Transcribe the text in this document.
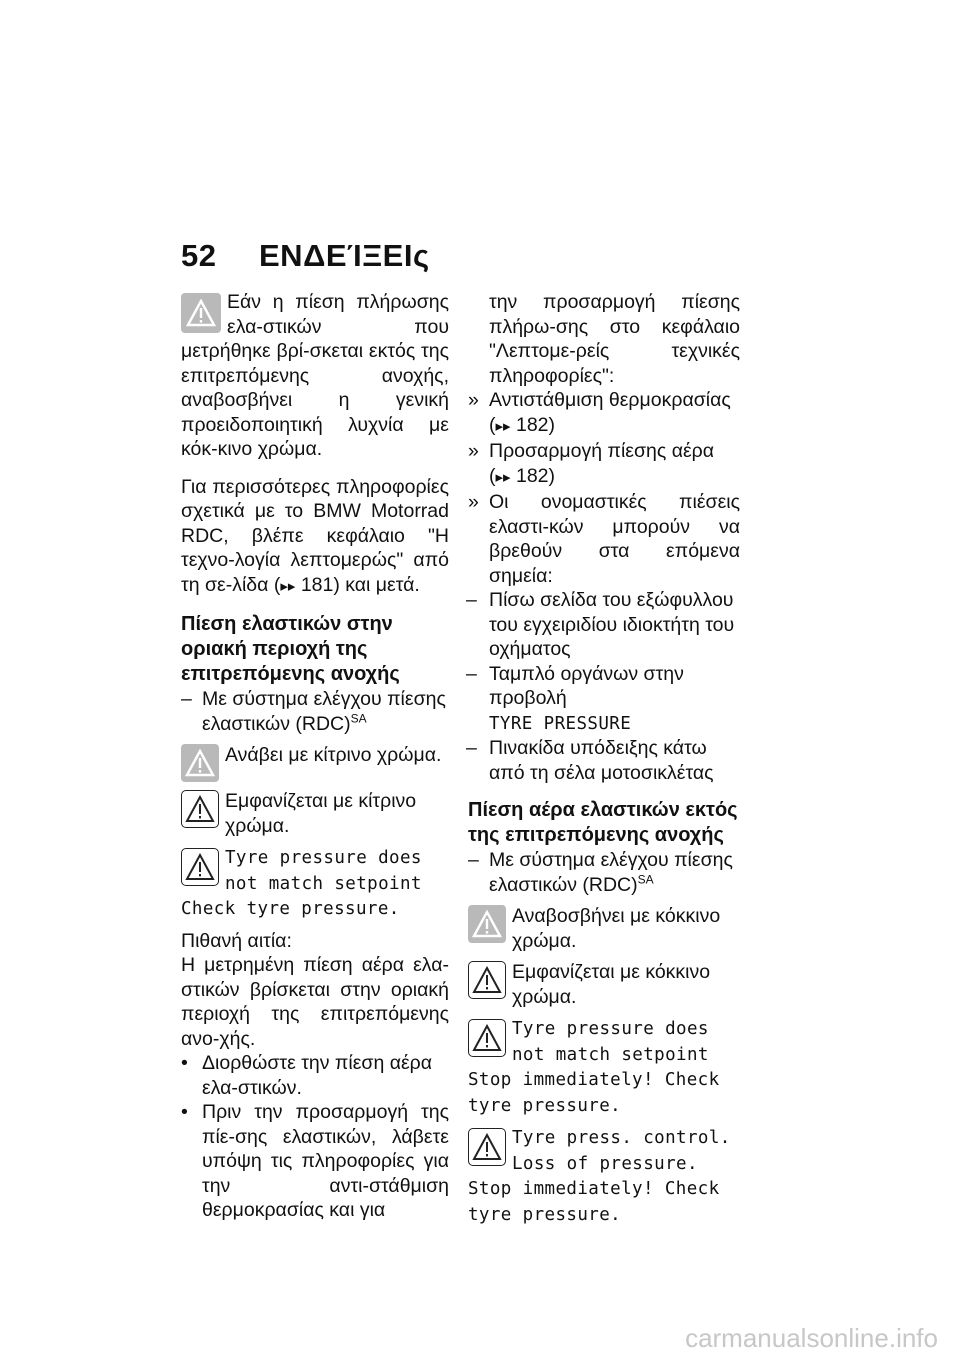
52 ΕΝΔΕΊΞΕΙς
Εάν η πίεση πλήρωσης ελα-στικών που μετρήθηκε βρί-σκεται εκτός της επιτρεπόμενης ανοχής, αναβοσβήνει η γενική προειδοποιητική λυχνία με κόκ-κινο χρώμα.

Για περισσότερες πληροφορίες σχετικά με το BMW Motorrad RDC, βλέπε κεφάλαιο "Η τεχνο-λογία λεπτομερώς" από τη σε-λίδα (▸▸ 181) και μετά.

Πίεση ελαστικών στην οριακή περιοχή της επιτρεπόμενης ανοχής

– Με σύστημα ελέγχου πίεσης ελαστικών (RDC)$^{SA}$
Ανάβει με κίτρινο χρώμα.
Εμφανίζεται με κίτρινο χρώμα.
Tyre pressure does not match setpoint
Check tyre pressure.

Πιθανή αιτία:

Η μετρημένη πίεση αέρα ελα-στικών βρίσκεται στην οριακή περιοχή της επιτρεπόμενης ανο-χής.

• Διορθώστε την πίεση αέρα ελα-στικών.
• Πριν την προσαρμογή της πίε-σης ελαστικών, λάβετε υπόψη τις πληροφορίες για την αντι-στάθμιση θερμοκρασίας και για

την προσαρμογή πίεσης πλήρω-σης στο κεφάλαιο "Λεπτομε-ρείς τεχνικές πληροφορίες":

» Αντιστάθμιση θερμοκρασίας
(▸▸ 182)
» Προσαρμογή πίεσης αέρα
(▸▸ 182)
» Οι ονομαστικές πιέσεις ελαστι-κών μπορούν να βρεθούν στα επόμενα σημεία:
– Πίσω σελίδα του εξώφυλλου του εγχειριδίου ιδιοκτήτη του οχήματος
– Ταμπλό οργάνων στην προβολή
TYRE PRESSURE
– Πινακίδα υπόδειξης κάτω από τη σέλα μοτοσικλέτας

Πίεση αέρα ελαστικών εκτός της επιτρεπόμενης ανοχής

– Με σύστημα ελέγχου πίεσης ελαστικών (RDC)$^{SA}$
Αναβοσβήνει με κόκκινο χρώμα.
Εμφανίζεται με κόκκινο χρώμα.
Tyre pressure does not match setpoint
Stop immediately! Check tyre pressure.
Tyre press. control. Loss of pressure.
Stop immediately! Check tyre pressure.
carmanualsonline.info
